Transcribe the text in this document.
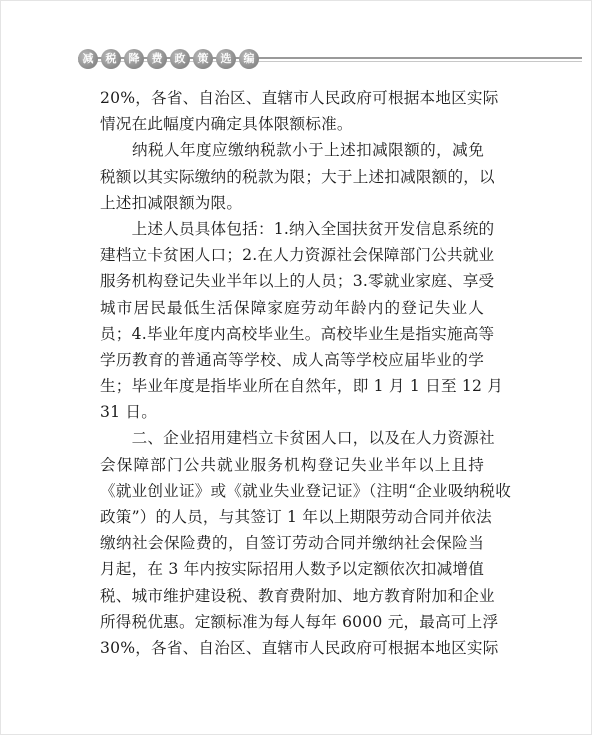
减	税	降	费	政	策	选	编
20%，各省、自治区、直辖市人民政府可根据本地区实际
情况在此幅度内确定具体限额标准。
　　纳税人年度应缴纳税款小于上述扣减限额的，减免
税额以其实际缴纳的税款为限；大于上述扣减限额的，以
上述扣减限额为限。
　　上述人员具体包括：1.纳入全国扶贫开发信息系统的
建档立卡贫困人口；2.在人力资源社会保障部门公共就业
服务机构登记失业半年以上的人员；3.零就业家庭、享受
城市居民最低生活保障家庭劳动年龄内的登记失业人
员；4.毕业年度内高校毕业生。高校毕业生是指实施高等
学历教育的普通高等学校、成人高等学校应届毕业的学
生；毕业年度是指毕业所在自然年，即 1 月 1 日至 12 月
31 日。
　　二、企业招用建档立卡贫困人口，以及在人力资源社
会保障部门公共就业服务机构登记失业半年以上且持
《就业创业证》或《就业失业登记证》（注明“企业吸纳税收
政策”）的人员，与其签订 1 年以上期限劳动合同并依法
缴纳社会保险费的，自签订劳动合同并缴纳社会保险当
月起，在 3 年内按实际招用人数予以定额依次扣减增值
税、城市维护建设税、教育费附加、地方教育附加和企业
所得税优惠。定额标准为每人每年 6000 元，最高可上浮
30%，各省、自治区、直辖市人民政府可根据本地区实际
